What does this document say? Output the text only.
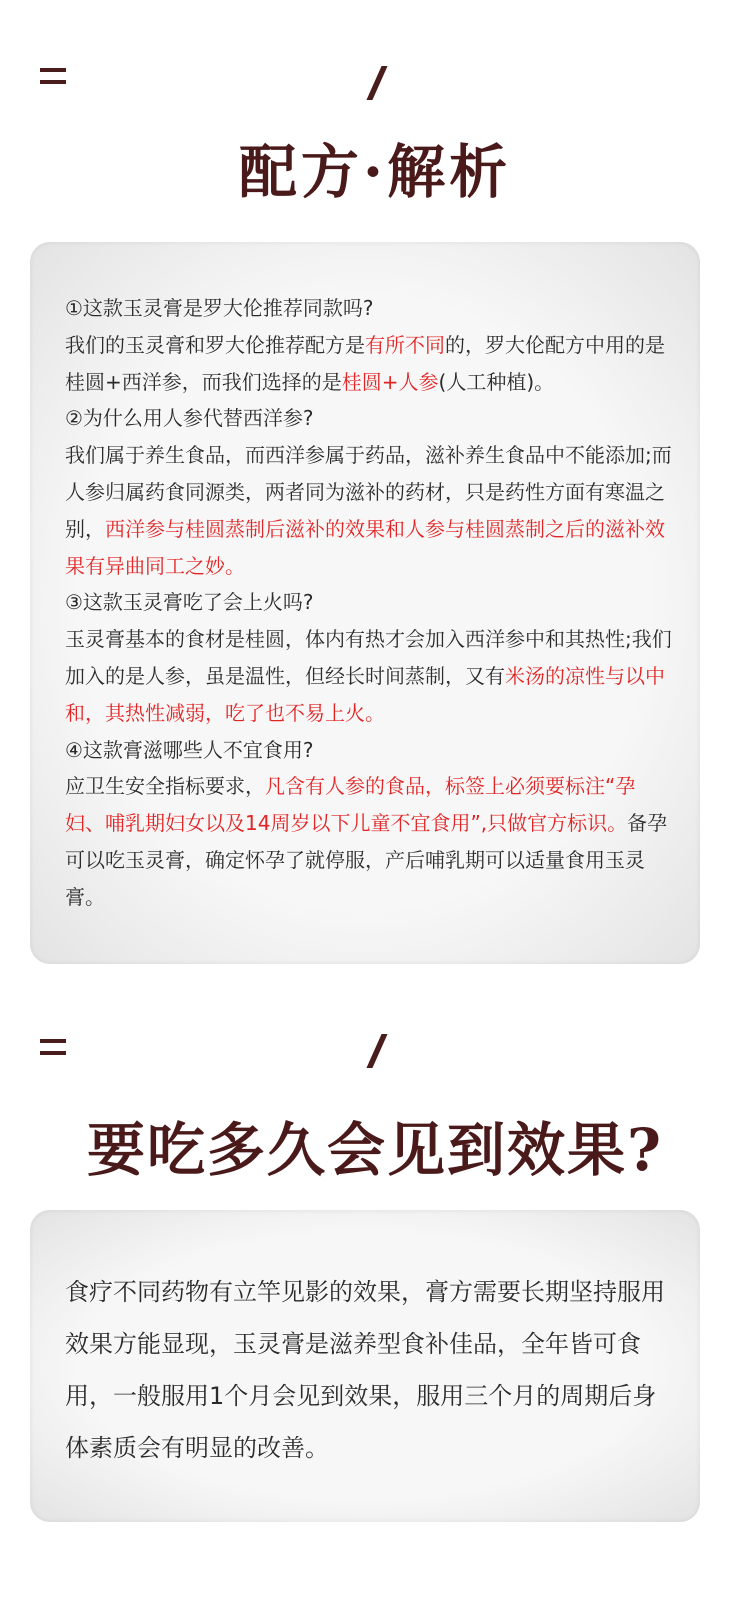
配方·解析

①这款玉灵膏是罗大伦推荐同款吗?

我们的玉灵膏和罗大伦推荐配方是有所不同的，罗大伦配方中用的是桂圆+西洋参，而我们选择的是桂圆+人参(人工种植)。

②为什么用人参代替西洋参?

我们属于养生食品，而西洋参属于药品，滋补养生食品中不能添加;而人参归属药食同源类，两者同为滋补的药材，只是药性方面有寒温之别，西洋参与桂圆蒸制后滋补的效果和人参与桂圆蒸制之后的滋补效果有异曲同工之妙。

③这款玉灵膏吃了会上火吗?

玉灵膏基本的食材是桂圆，体内有热才会加入西洋参中和其热性;我们加入的是人参，虽是温性，但经长时间蒸制，又有米汤的凉性与以中和，其热性减弱，吃了也不易上火。

④这款膏滋哪些人不宜食用?

应卫生安全指标要求，凡含有人参的食品，标签上必须要标注“孕妇、哺乳期妇女以及14周岁以下儿童不宜食用”,只做官方标识。备孕可以吃玉灵膏，确定怀孕了就停服，产后哺乳期可以适量食用玉灵膏。

要吃多久会见到效果?
食疗不同药物有立竿见影的效果，膏方需要长期坚持服用效果方能显现，玉灵膏是滋养型食补佳品，全年皆可食用，一般服用1个月会见到效果，服用三个月的周期后身体素质会有明显的改善。
